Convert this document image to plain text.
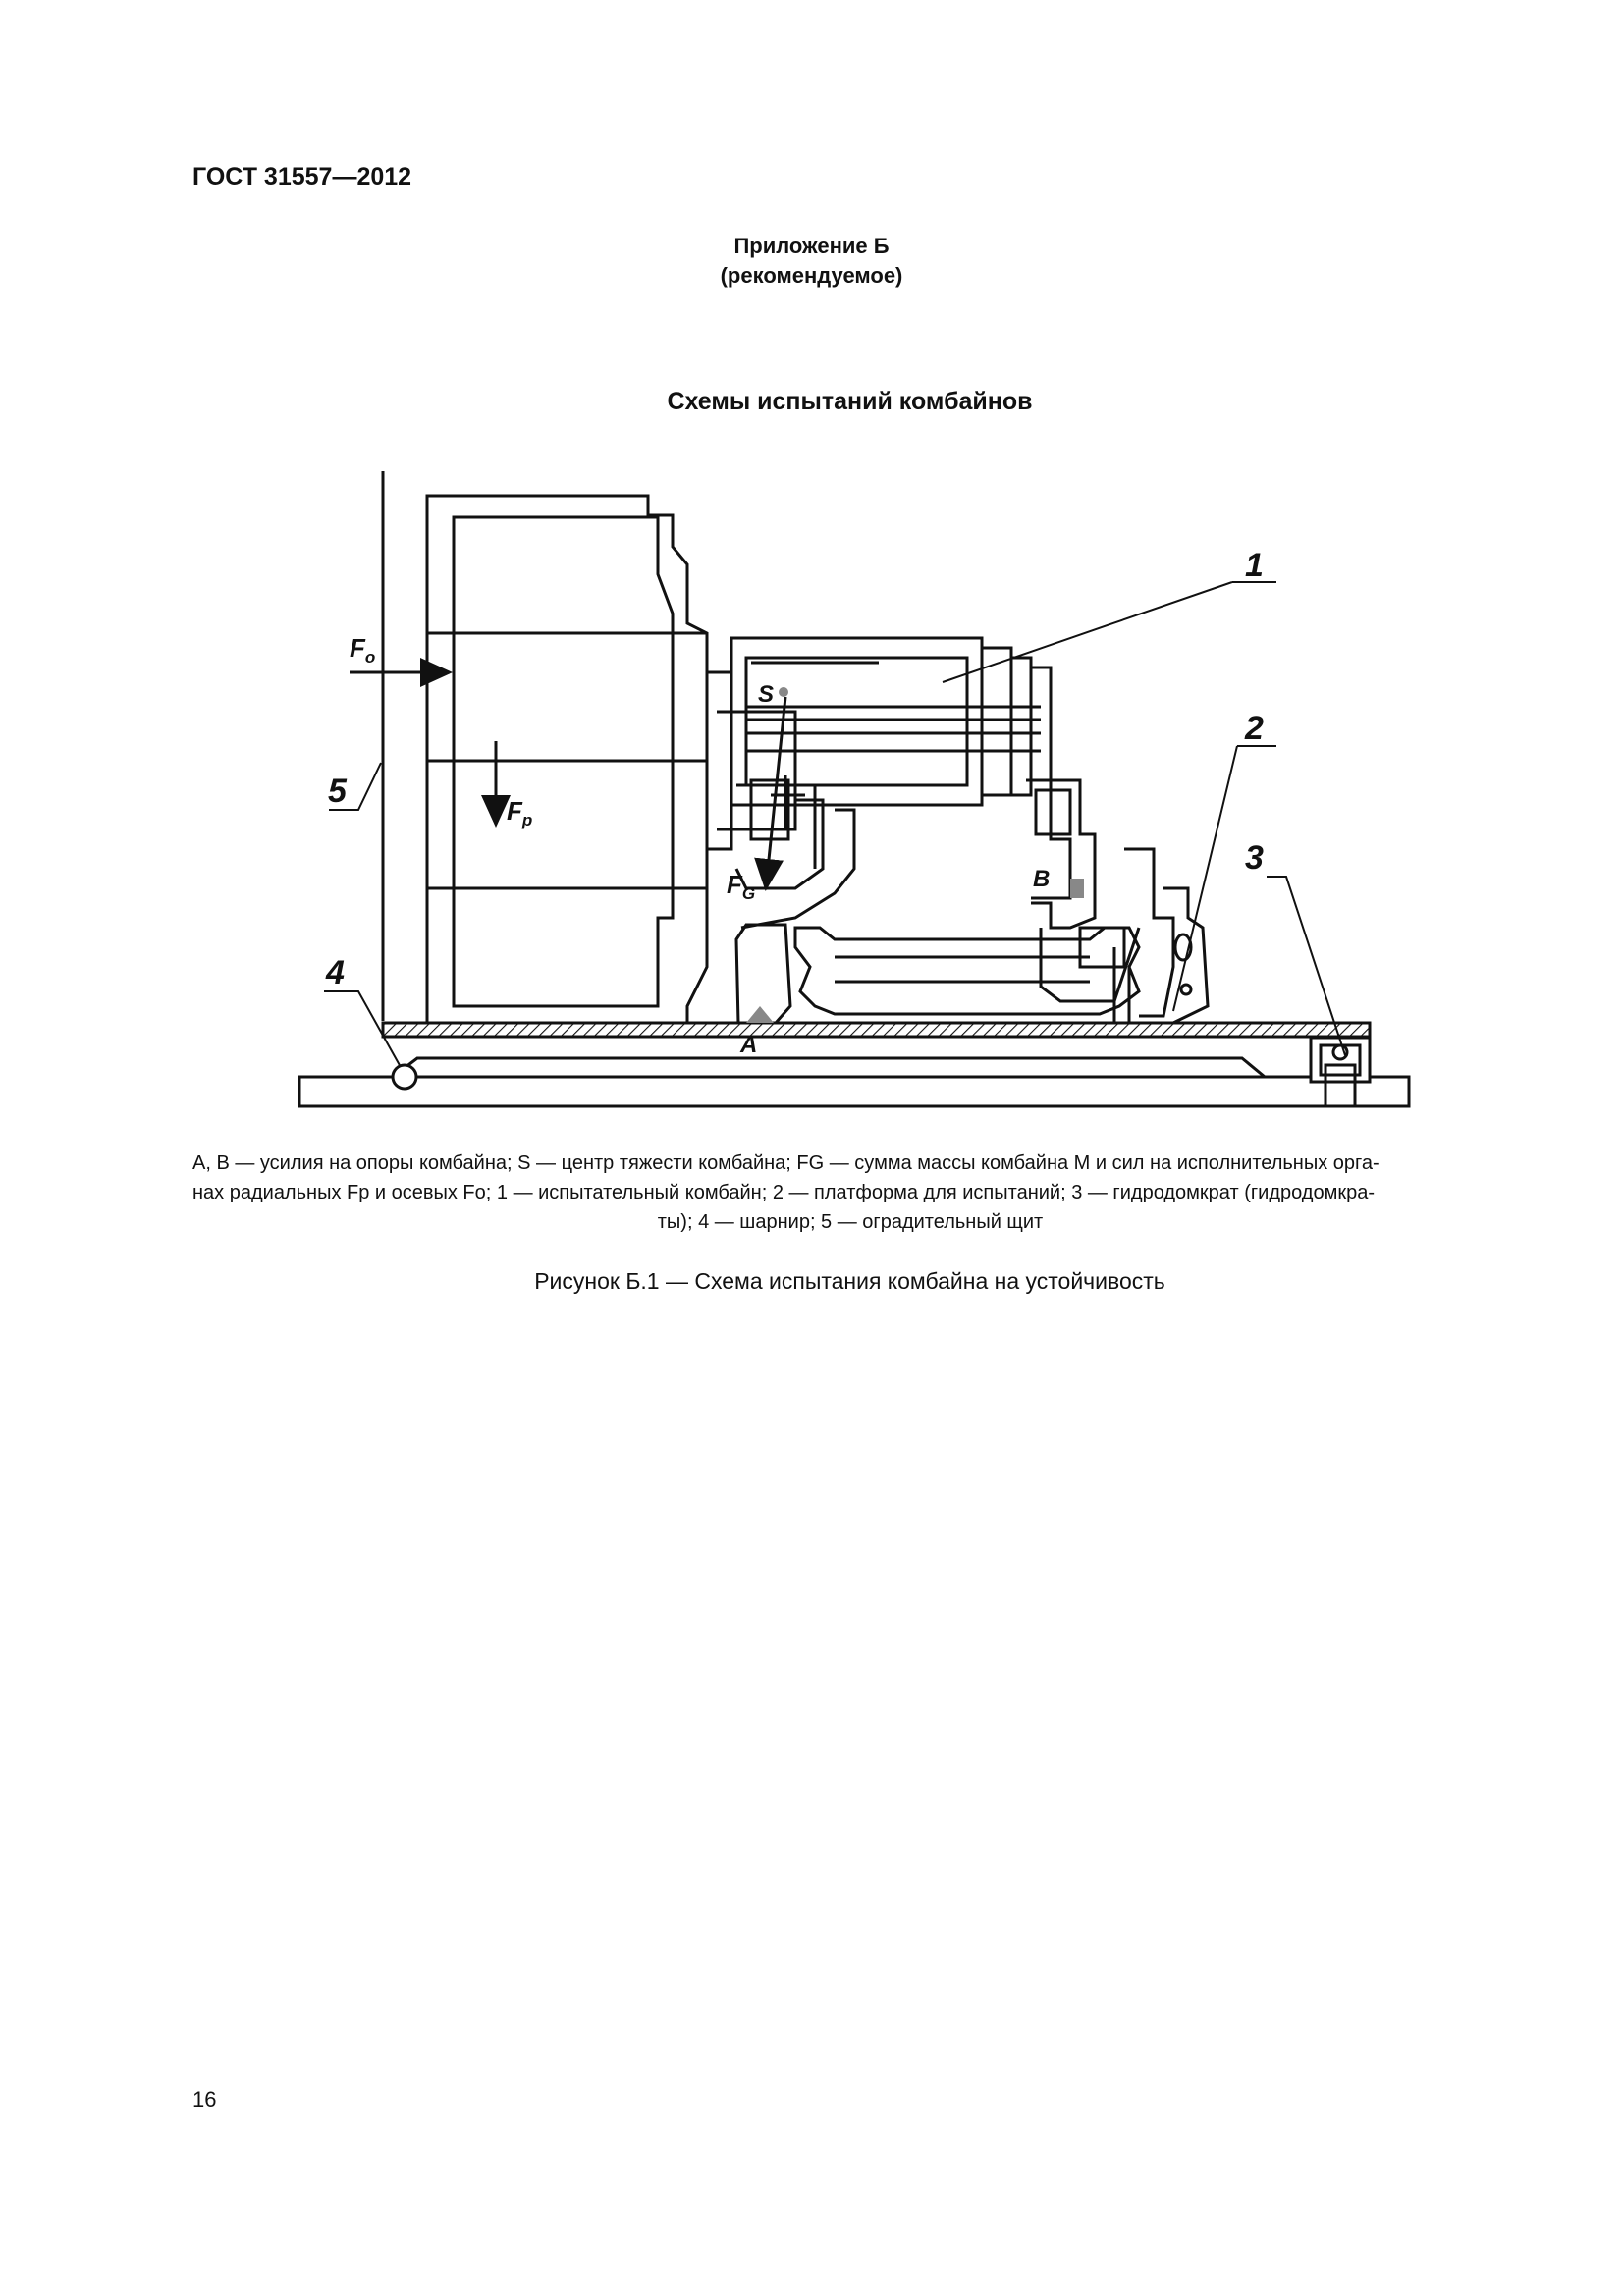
ГОСТ 31557—2012
Приложение Б
(рекомендуемое)
Схемы испытаний комбайнов
1
2
3
4
5
$F_o$
$F_p$
$F_G$
S
A
B
A, B — усилия на опоры комбайна; S — центр тяжести комбайна; FG — сумма массы комбайна M и сил на исполнительных орга-
нах радиальных Fp и осевых Fo; 1 — испытательный комбайн; 2 — платформа для испытаний; 3 — гидродомкрат (гидродомкра-
ты); 4 — шарнир; 5 — оградительный щит
Рисунок Б.1 — Схема испытания комбайна на устойчивость
16
